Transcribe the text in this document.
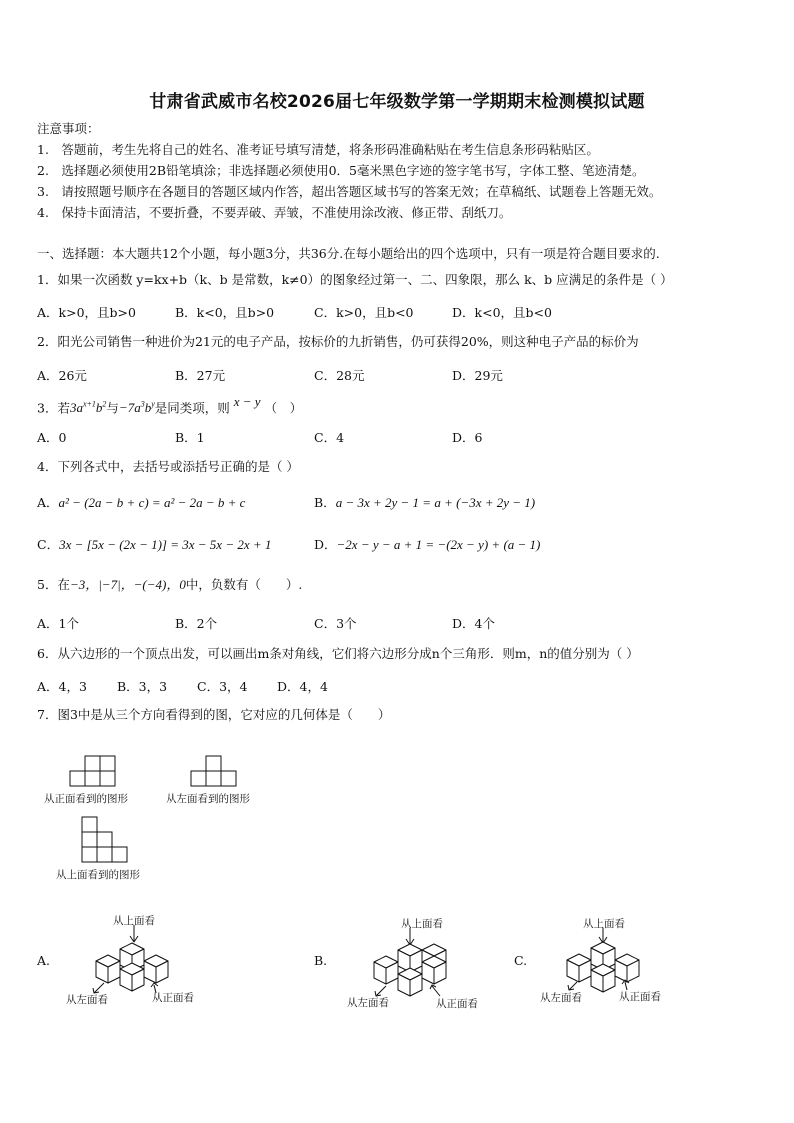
甘肃省武威市名校2026届七年级数学第一学期期末检测模拟试题
注意事项：
1.　答题前，考生先将自己的姓名、准考证号填写清楚，将条形码准确粘贴在考生信息条形码粘贴区。
2.　选择题必须使用2B铅笔填涂；非选择题必须使用0．5毫米黑色字迹的签字笔书写，字体工整、笔迹清楚。
3.　请按照题号顺序在各题目的答题区域内作答，超出答题区域书写的答案无效；在草稿纸、试题卷上答题无效。
4.　保持卡面清洁，不要折叠，不要弄破、弄皱，不准使用涂改液、修正带、刮纸刀。
一、选择题：本大题共12个小题，每小题3分，共36分.在每小题给出的四个选项中，只有一项是符合题目要求的.
1．如果一次函数 y=kx+b（k、b 是常数，k≠0）的图象经过第一、二、四象限，那么 k、b 应满足的条件是（ ）
A．k>0，且b>0	B．k<0，且b>0	C．k>0，且b<0	D．k<0，且b<0
2．阳光公司销售一种进价为21元的电子产品，按标价的九折销售，仍可获得20%，则这种电子产品的标价为
A．26元	B．27元	C．28元	D．29元
3．若$3a^{x+1}b^2$与$-7a^3b^y$是同类项，则 x − y （　）
A．0	B．1	C．4	D．6
4．下列各式中，去括号或添括号正确的是（ ）
A．a² − (2a − b + c) = a² − 2a − b + c	B．a − 3x + 2y − 1 = a + (−3x + 2y − 1)
C．3x − [5x − (2x − 1)] = 3x − 5x − 2x + 1	D．−2x − y − a + 1 = −(2x − y) + (a − 1)
5．在−3，|−7|，−(−4)，0中，负数有（　　）.
A．1个	B．2个	C．3个	D．4个
6．从六边形的一个顶点出发，可以画出m条对角线，它们将六边形分成n个三角形．则m，n的值分别为（ ）
A．4，3 B．3，3 C．3，4 D．4，4
7．图3中是从三个方向看得到的图，它对应的几何体是（　　）
从正面看到的图形	从左面看到的图形
从上面看到的图形
A.
从上面看
从左面看	从正面看
B.
从上面看
从左面看	从正面看
C.
从上面看
从左面看	从正面看
